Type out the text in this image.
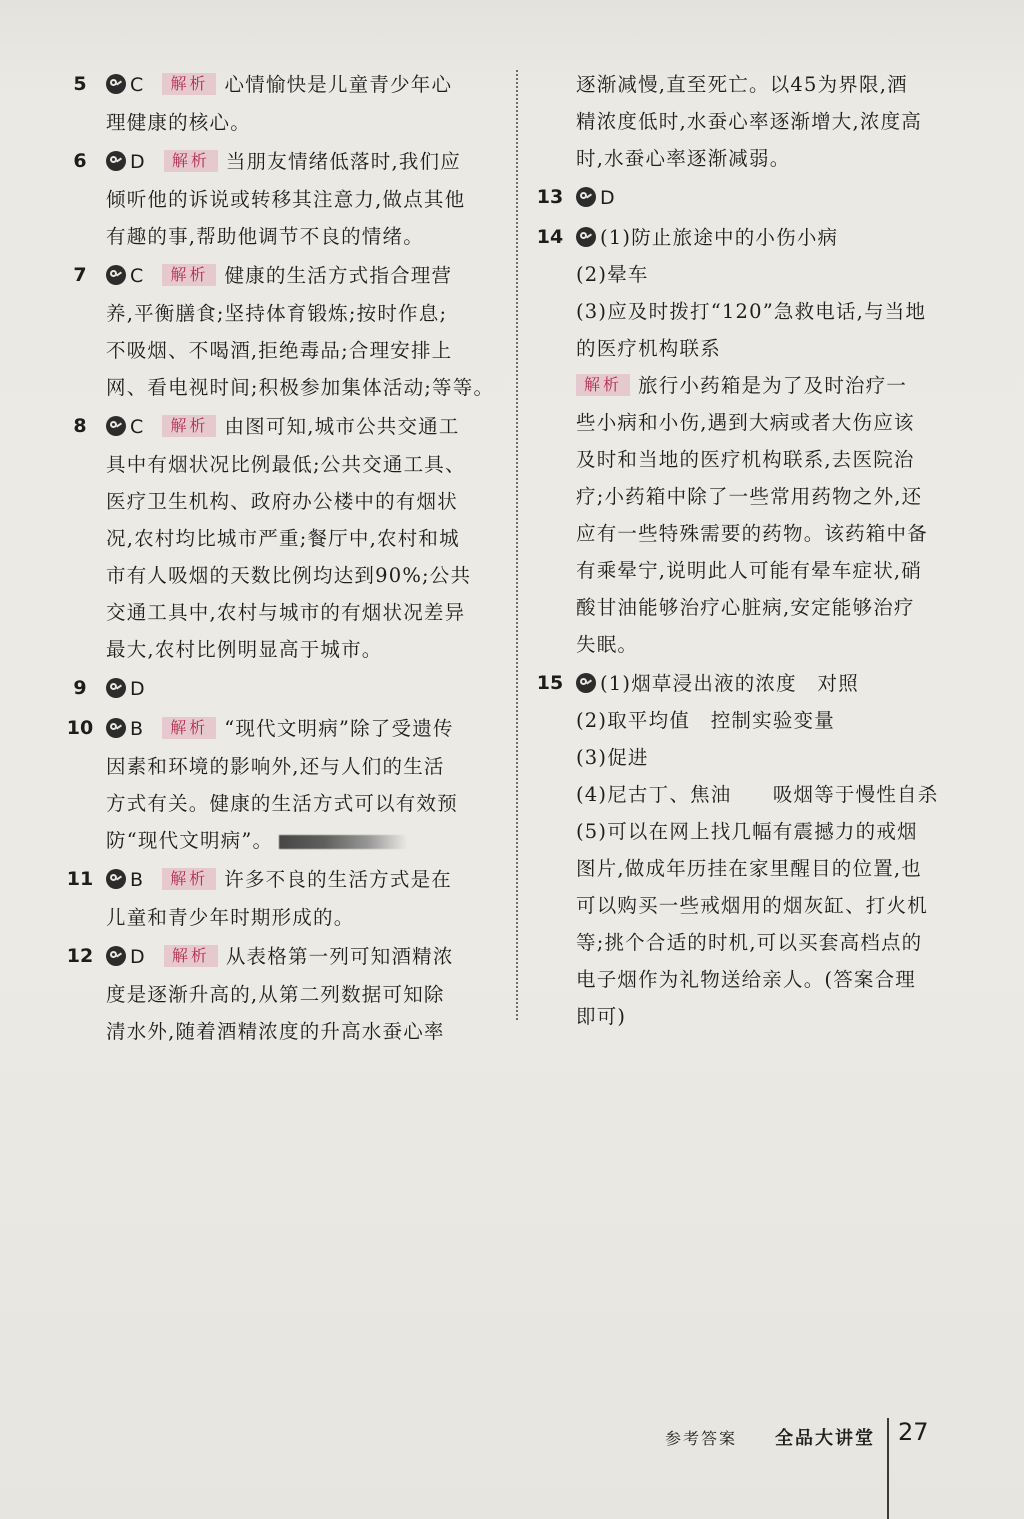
5	C 解析 心情愉快是儿童青少年心
理健康的核心。
6	D 解析 当朋友情绪低落时,我们应
倾听他的诉说或转移其注意力,做点其他
有趣的事,帮助他调节不良的情绪。
7	C 解析 健康的生活方式指合理营
养,平衡膳食;坚持体育锻炼;按时作息;
不吸烟、不喝酒,拒绝毒品;合理安排上
网、看电视时间;积极参加集体活动;等等。
8	C 解析 由图可知,城市公共交通工
具中有烟状况比例最低;公共交通工具、
医疗卫生机构、政府办公楼中的有烟状
况,农村均比城市严重;餐厅中,农村和城
市有人吸烟的天数比例均达到90%;公共
交通工具中,农村与城市的有烟状况差异
最大,农村比例明显高于城市。
9	D
10	B 解析 “现代文明病”除了受遗传
因素和环境的影响外,还与人们的生活
方式有关。健康的生活方式可以有效预
防“现代文明病”。
11	B 解析 许多不良的生活方式是在
儿童和青少年时期形成的。
12	D 解析 从表格第一列可知酒精浓
度是逐渐升高的,从第二列数据可知除
清水外,随着酒精浓度的升高水蚕心率
逐渐减慢,直至死亡。以45为界限,酒
精浓度低时,水蚕心率逐渐增大,浓度高
时,水蚕心率逐渐减弱。
13	D
14	(1)防止旅途中的小伤小病
(2)晕车
(3)应及时拨打“120”急救电话,与当地
的医疗机构联系
解析 旅行小药箱是为了及时治疗一
些小病和小伤,遇到大病或者大伤应该
及时和当地的医疗机构联系,去医院治
疗;小药箱中除了一些常用药物之外,还
应有一些特殊需要的药物。该药箱中备
有乘晕宁,说明此人可能有晕车症状,硝
酸甘油能够治疗心脏病,安定能够治疗
失眠。
15	(1)烟草浸出液的浓度　对照
(2)取平均值　控制实验变量
(3)促进
(4)尼古丁、焦油　　吸烟等于慢性自杀
(5)可以在网上找几幅有震撼力的戒烟
图片,做成年历挂在家里醒目的位置,也
可以购买一些戒烟用的烟灰缸、打火机
等;挑个合适的时机,可以买套高档点的
电子烟作为礼物送给亲人。(答案合理
即可)
参考答案 全品大讲堂 27
